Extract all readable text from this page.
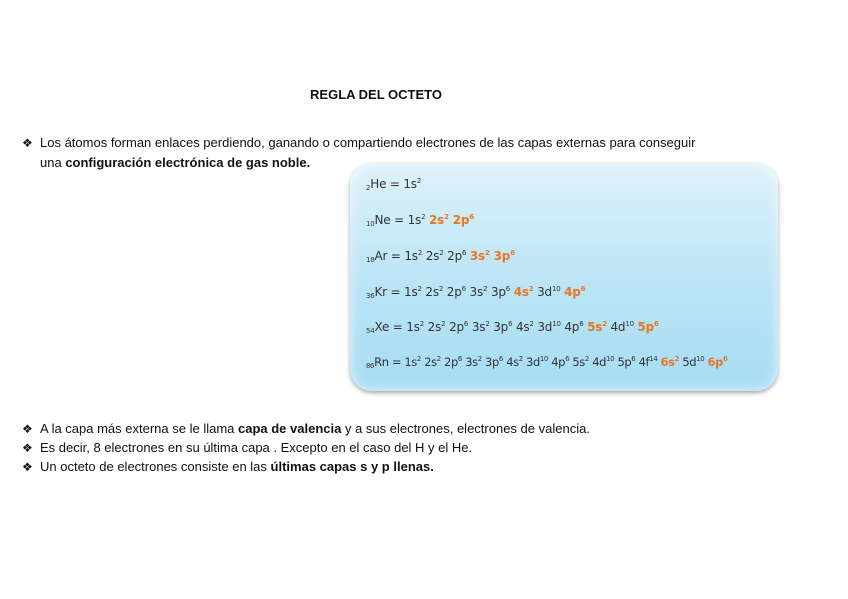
REGLA DEL OCTETO
❖ Los átomos forman enlaces perdiendo, ganando o compartiendo electrones de las capas externas para conseguir
una configuración electrónica de gas noble.
$_2He = 1s^2$
$_{10}Ne = 1s^2$ $2s^2$ $2p^6$
$_{18}Ar = 1s^2$ $2s^2$ $2p^6$ $3s^2$ $3p^6$
$_{36}Kr = 1s^2$ $2s^2$ $2p^6$ $3s^2$ $3p^6$ $4s^2$ $3d^{10}$ $4p^6$
$_{54}Xe = 1s^2$ $2s^2$ $2p^6$ $3s^2$ $3p^6$ $4s^2$ $3d^{10}$ $4p^6$ $5s^2$ $4d^{10}$ $5p^6$
$_{86}Rn = 1s^2$ $2s^2$ $2p^6$ $3s^2$ $3p^6$ $4s^2$ $3d^{10}$ $4p^6$ $5s^2$ $4d^{10}$ $5p^6$ $4f^{14}$ $6s^2$ $5d^{10}$ $6p^6$
❖ A la capa más externa se le llama capa de valencia y a sus electrones, electrones de valencia.
❖ Es decir, 8 electrones en su última capa . Excepto en el caso del H y el He.
❖ Un octeto de electrones consiste en las últimas capas s y p llenas.
